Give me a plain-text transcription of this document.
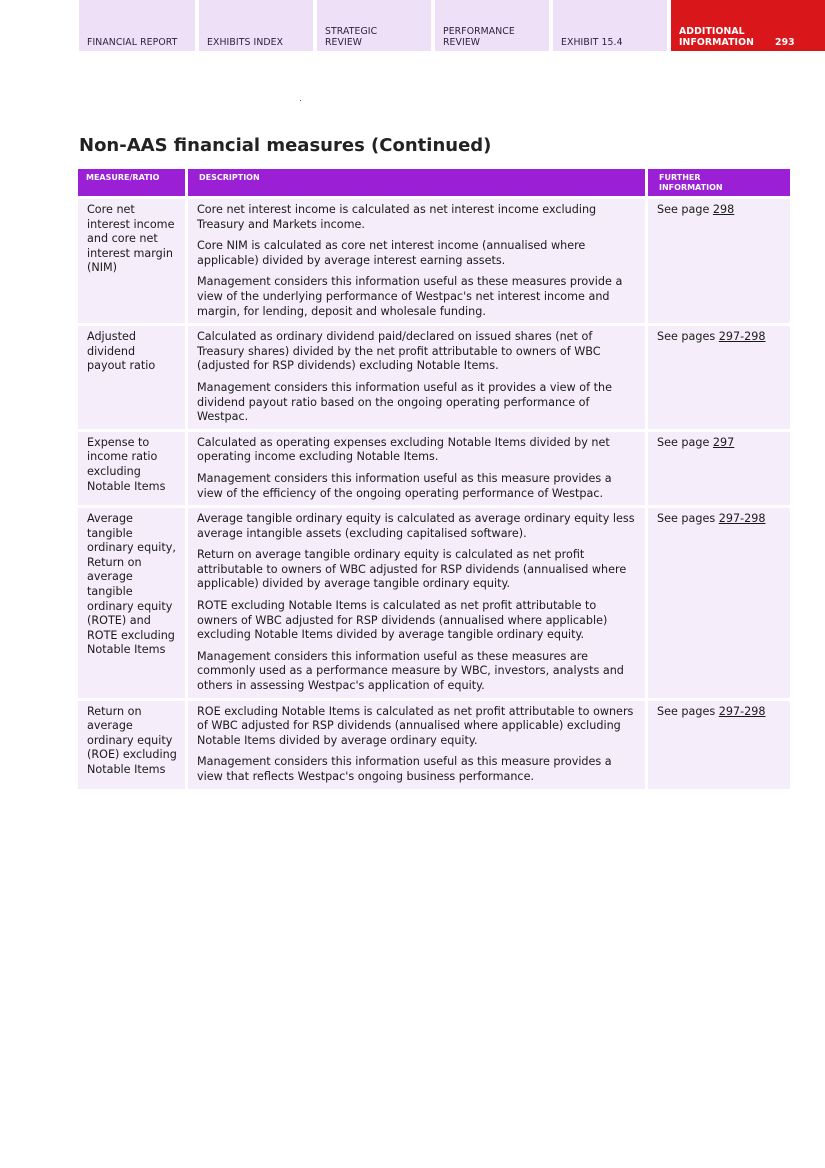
FINANCIAL REPORT	EXHIBITS INDEX
STRATEGIC REVIEW
PERFORMANCE REVIEW	EXHIBIT 15.4
ADDITIONAL INFORMATION	293
Non-AAS financial measures (Continued)
MEASURE/RATIO	DESCRIPTION	FURTHER INFORMATION

Core net interest income and core net interest margin (NIM)	Core net interest income is calculated as net interest income excluding Treasury and Markets income.

Core NIM is calculated as core net interest income (annualised where applicable) divided by average interest earning assets.

Management considers this information useful as these measures provide a view of the underlying performance of Westpac's net interest income and margin, for lending, deposit and wholesale funding.	See page 298
Adjusted dividend payout ratio	Calculated as ordinary dividend paid/declared on issued shares (net of Treasury shares) divided by the net profit attributable to owners of WBC (adjusted for RSP dividends) excluding Notable Items.

Management considers this information useful as it provides a view of the dividend payout ratio based on the ongoing operating performance of Westpac.	See pages 297-298
Expense to income ratio excluding Notable Items	Calculated as operating expenses excluding Notable Items divided by net operating income excluding Notable Items.

Management considers this information useful as this measure provides a view of the efficiency of the ongoing operating performance of Westpac.	See page 297
Average tangible ordinary equity, Return on average tangible ordinary equity (ROTE) and ROTE excluding Notable Items	Average tangible ordinary equity is calculated as average ordinary equity less average intangible assets (excluding capitalised software).

Return on average tangible ordinary equity is calculated as net profit attributable to owners of WBC adjusted for RSP dividends (annualised where applicable) divided by average tangible ordinary equity.

ROTE excluding Notable Items is calculated as net profit attributable to owners of WBC adjusted for RSP dividends (annualised where applicable) excluding Notable Items divided by average tangible ordinary equity.

Management considers this information useful as these measures are commonly used as a performance measure by WBC, investors, analysts and others in assessing Westpac's application of equity.	See pages 297-298
Return on average ordinary equity (ROE) excluding Notable Items	ROE excluding Notable Items is calculated as net profit attributable to owners of WBC adjusted for RSP dividends (annualised where applicable) excluding Notable Items divided by average ordinary equity.

Management considers this information useful as this measure provides a view that reflects Westpac's ongoing business performance.	See pages 297-298
